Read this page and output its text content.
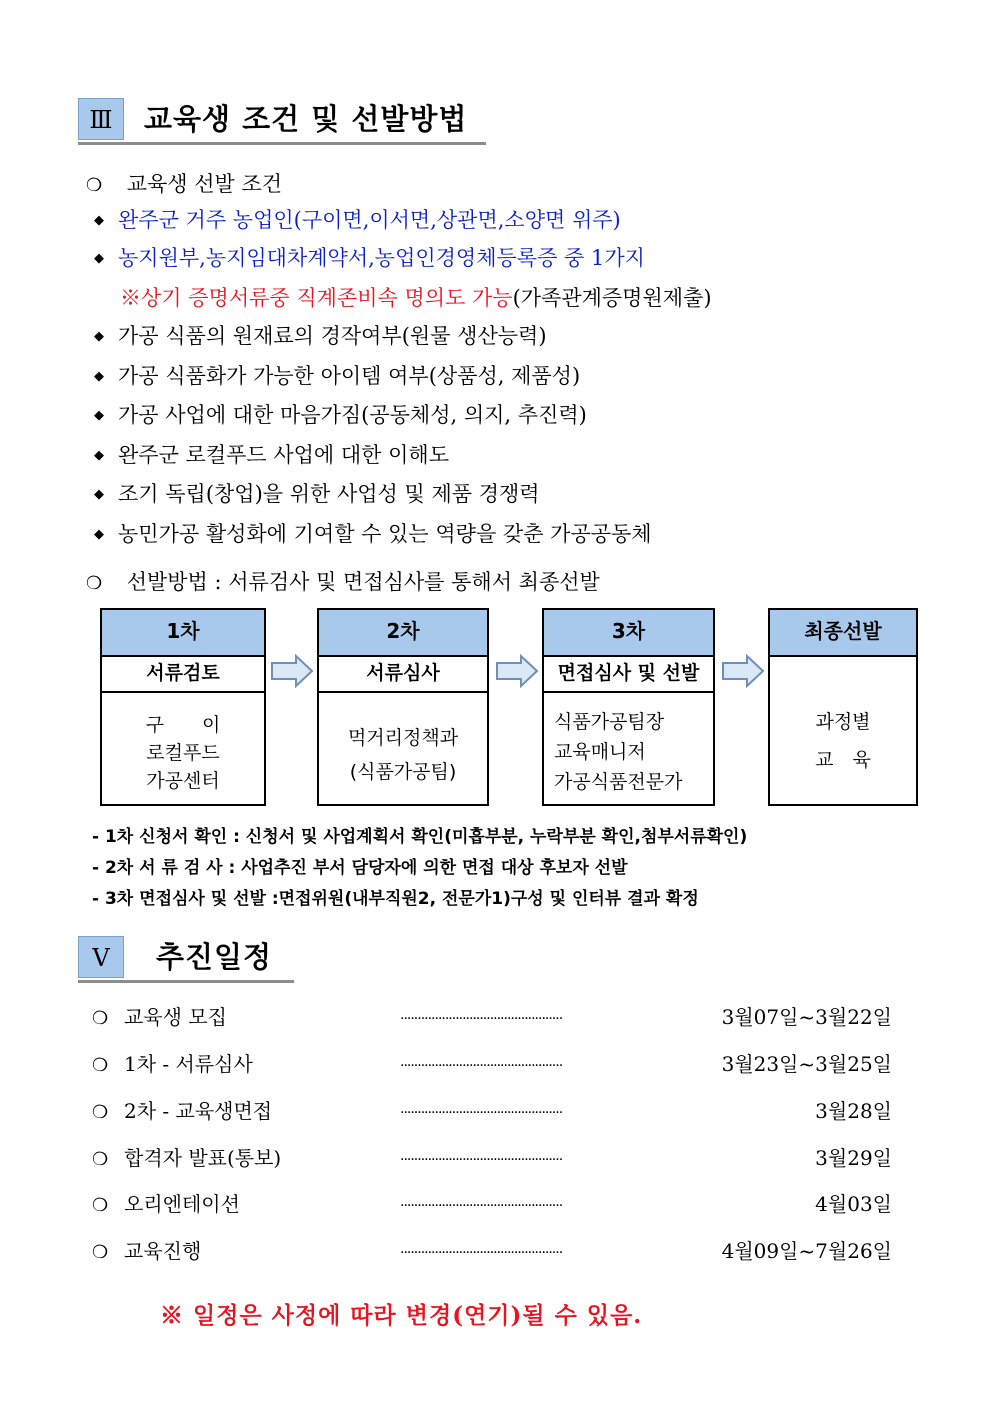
Ⅲ	교육생 조건 및 선발방법
❍ 교육생 선발 조건
◆ 완주군 거주 농업인(구이면,이서면,상관면,소양면 위주)
◆ 농지원부,농지임대차계약서,농업인경영체등록증 중 1가지
※상기 증명서류중 직계존비속 명의도 가능(가족관계증명원제출)
◆ 가공 식품의 원재료의 경작여부(원물 생산능력)
◆ 가공 식품화가 가능한 아이템 여부(상품성, 제품성)
◆ 가공 사업에 대한 마음가짐(공동체성, 의지, 추진력)
◆ 완주군 로컬푸드 사업에 대한 이해도
◆ 조기 독립(창업)을 위한 사업성 및 제품 경쟁력
◆ 농민가공 활성화에 기여할 수 있는 역량을 갖춘 가공공동체
❍ 선발방법 : 서류검사 및 면접심사를 통해서 최종선발
1차
서류검토
구　　이
로컬푸드
가공센터
2차
서류심사
먹거리정책과
(식품가공팀)
3차
면접심사 및 선발
식품가공팀장
교육매니저
가공식품전문가
최종선발
과정별
교　육
- 1차 신청서 확인 : 신청서 및 사업계획서 확인(미흡부분, 누락부분 확인,첨부서류확인)
- 2차 서 류 검 사 : 사업추진 부서 담당자에 의한 면접 대상 후보자 선발
- 3차 면접심사 및 선발 :면접위원(내부직원2, 전문가1)구성 및 인터뷰 결과 확정
Ⅴ	추진일정
❍ 교육생 모집	...............................................	3월07일~3월22일
❍ 1차 - 서류심사	...............................................	3월23일~3월25일
❍ 2차 - 교육생면접	...............................................	3월28일
❍ 합격자 발표(통보)	...............................................	3월29일
❍ 오리엔테이션	...............................................	4월03일
❍ 교육진행	...............................................	4월09일~7월26일
※ 일정은 사정에 따라 변경(연기)될 수 있음.
